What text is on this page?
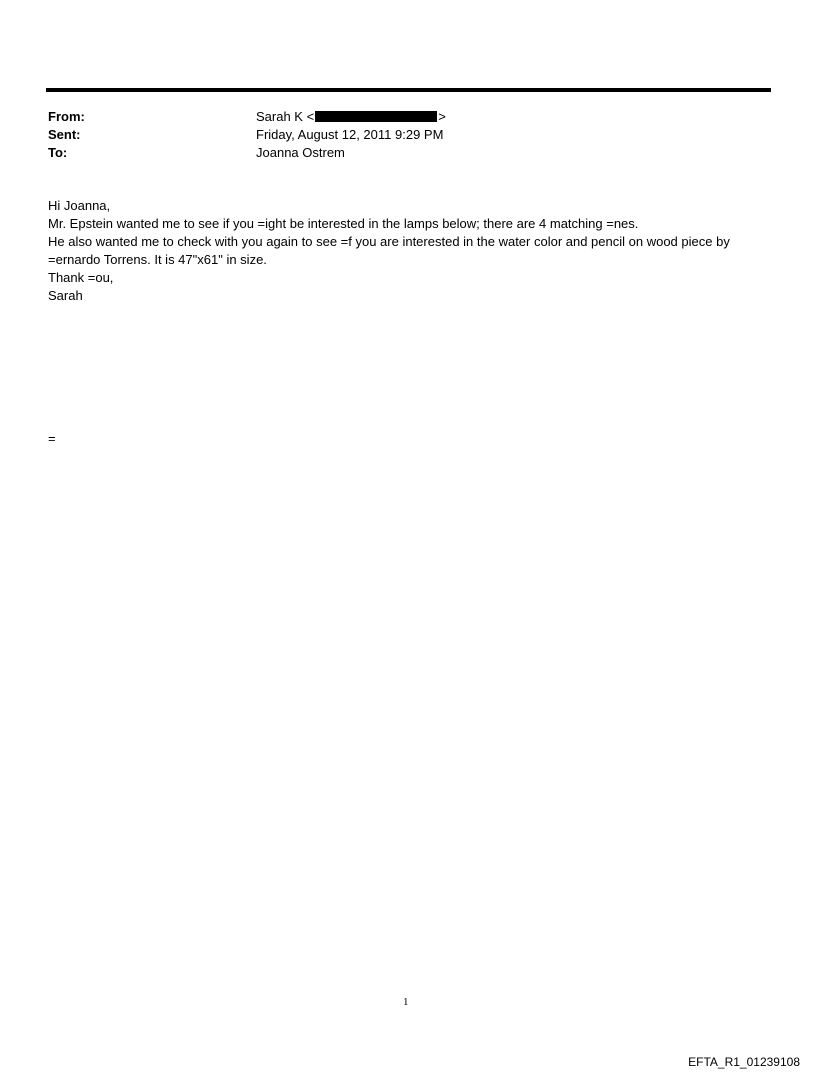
From:	Sarah K <	>
Sent:	Friday, August 12, 2011 9:29 PM
To:	Joanna Ostrem

Hi Joanna,

Mr. Epstein wanted me to see if you =ight be interested in the lamps below; there are 4 matching =nes.

He also wanted me to check with you again to see =f you are interested in the water color and pencil on wood piece by =ernardo Torrens. It is 47"x61" in size.

Thank =ou,

Sarah

=
1
EFTA_R1_01239108
